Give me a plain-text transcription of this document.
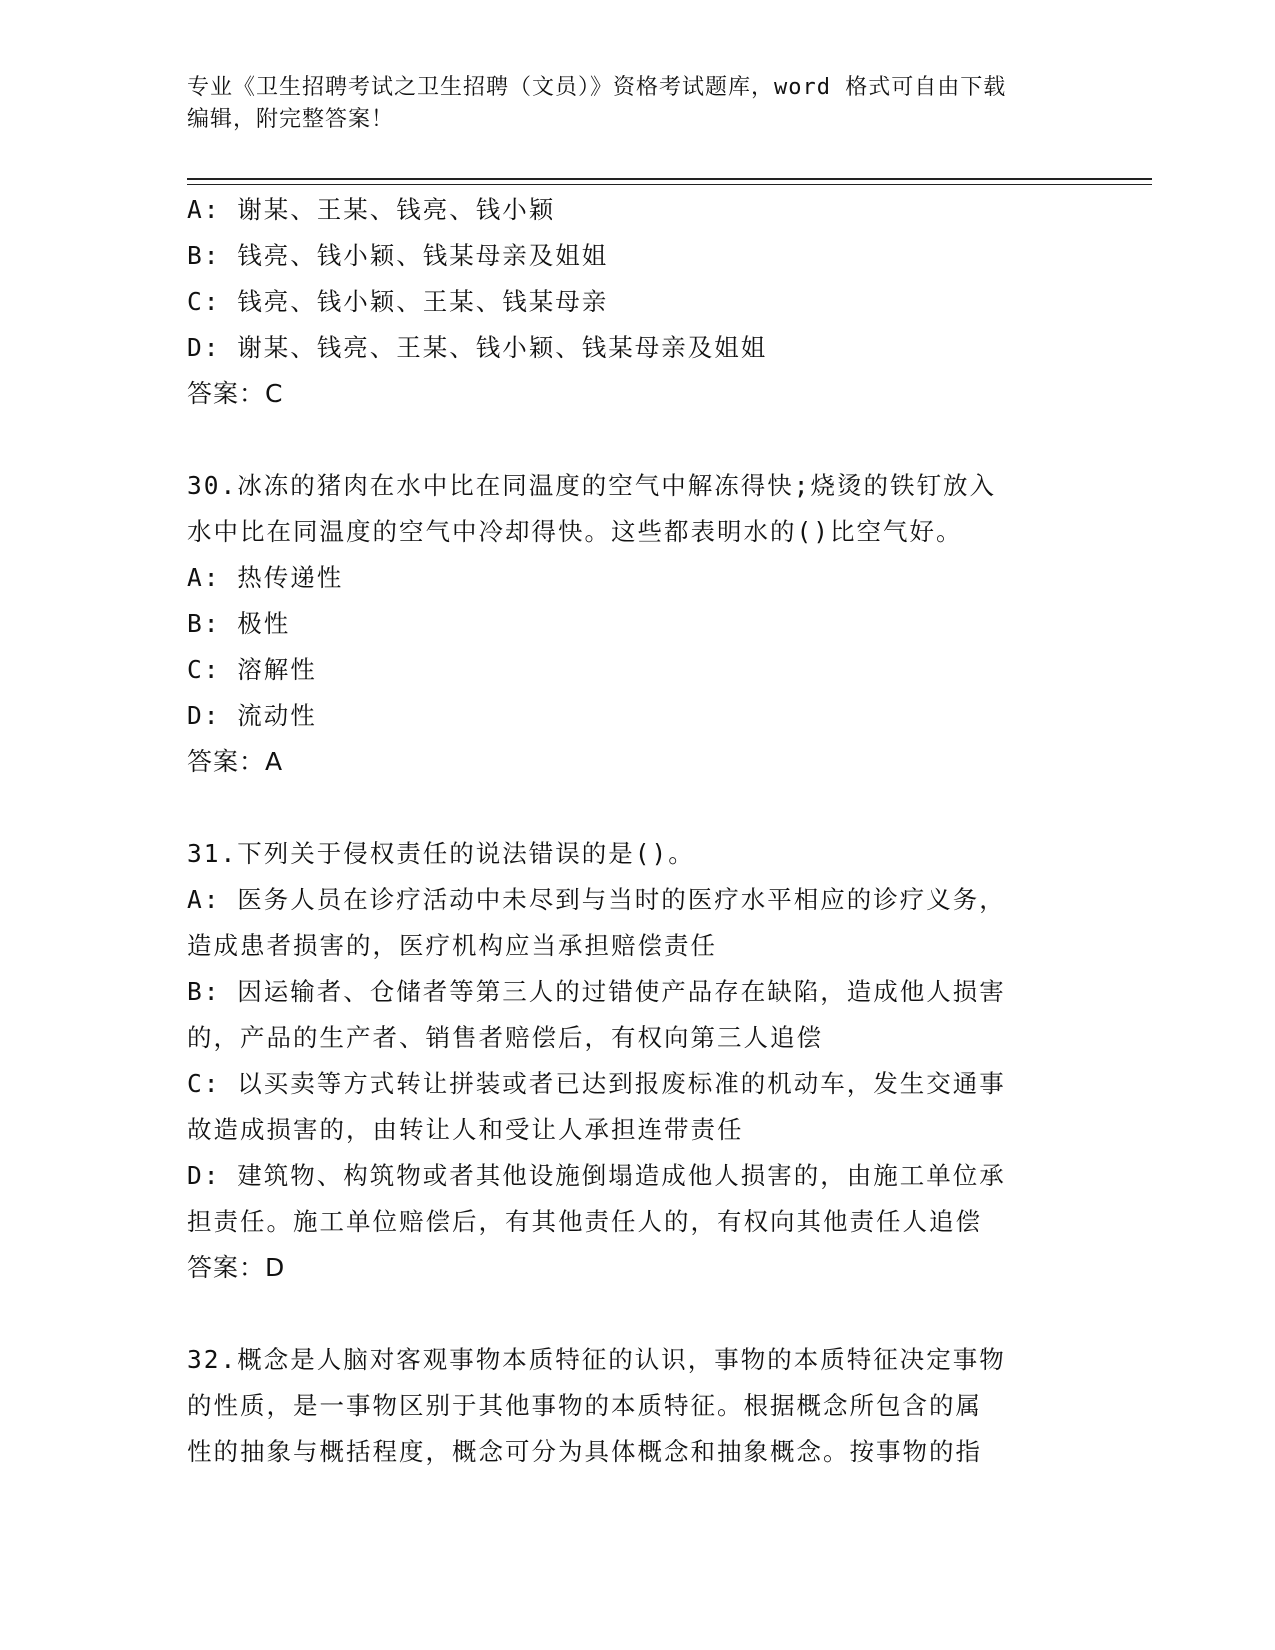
专业《卫生招聘考试之卫生招聘（文员）》资格考试题库，word 格式可自由下载
编辑，附完整答案！
A: 谢某、王某、钱亮、钱小颖
B: 钱亮、钱小颖、钱某母亲及姐姐
C: 钱亮、钱小颖、王某、钱某母亲
D: 谢某、钱亮、王某、钱小颖、钱某母亲及姐姐
答案：C
30.冰冻的猪肉在水中比在同温度的空气中解冻得快;烧烫的铁钉放入
水中比在同温度的空气中冷却得快。这些都表明水的()比空气好。
A: 热传递性
B: 极性
C: 溶解性
D: 流动性
答案：A
31.下列关于侵权责任的说法错误的是()。
A: 医务人员在诊疗活动中未尽到与当时的医疗水平相应的诊疗义务，
造成患者损害的，医疗机构应当承担赔偿责任
B: 因运输者、仓储者等第三人的过错使产品存在缺陷，造成他人损害
的，产品的生产者、销售者赔偿后，有权向第三人追偿
C: 以买卖等方式转让拼装或者已达到报废标准的机动车，发生交通事
故造成损害的，由转让人和受让人承担连带责任
D: 建筑物、构筑物或者其他设施倒塌造成他人损害的，由施工单位承
担责任。施工单位赔偿后，有其他责任人的，有权向其他责任人追偿
答案：D
32.概念是人脑对客观事物本质特征的认识，事物的本质特征决定事物
的性质，是一事物区别于其他事物的本质特征。根据概念所包含的属
性的抽象与概括程度，概念可分为具体概念和抽象概念。按事物的指
